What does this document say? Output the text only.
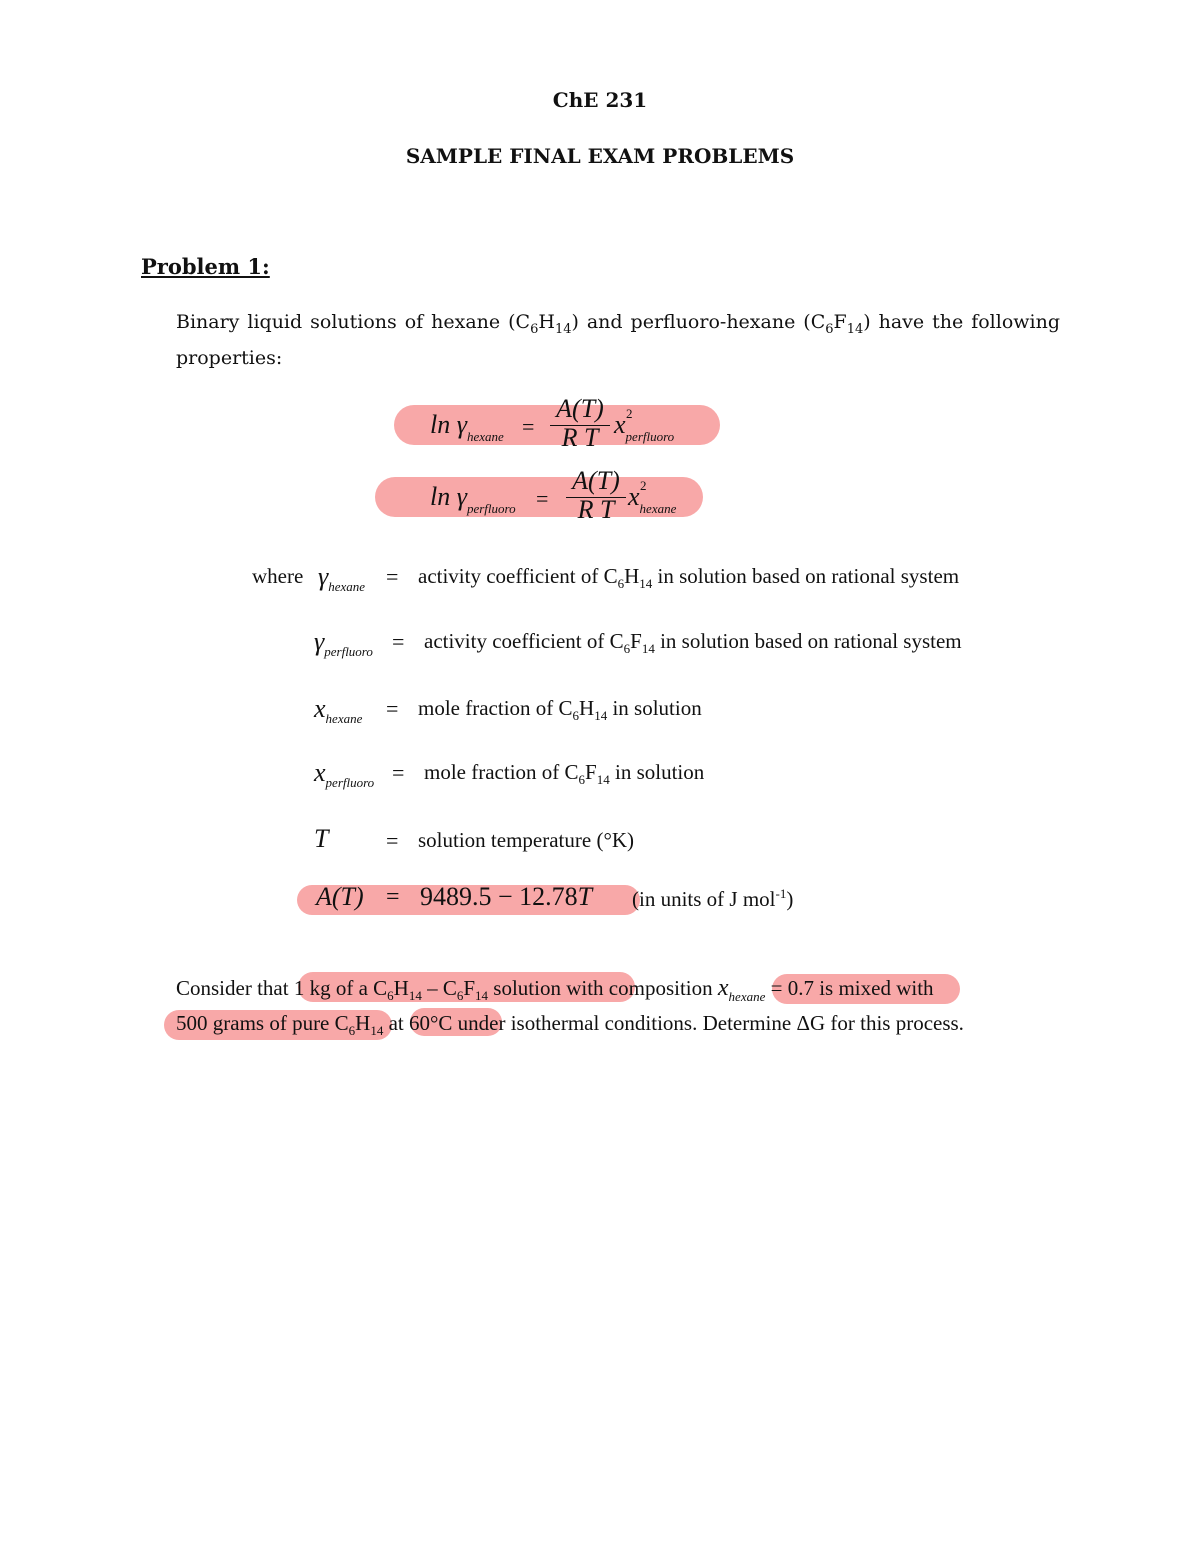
ChE 231
SAMPLE FINAL EXAM PROBLEMS
Problem 1:
Binary liquid solutions of hexane $(C_6H_{14})$ and perfluoro-hexane $(C_6F_{14})$ have the following properties:
$\ln \gamma_{hexane}$ =
A(T)
R T x 2
$_{perfluoro}$
$\ln \gamma_{perfluoro}$ =
A(T)
R T x 2
$_{hexane}$
where $\gamma_{hexane}$ = activity coefficient of $C_6H_{14}$ in solution based on rational system
$\gamma_{perfluoro}$ = activity coefficient of $C_6F_{14}$ in solution based on rational system
$x_{hexane}$ = mole fraction of $C_6H_{14}$ in solution
$x_{perfluoro}$ = mole fraction of $C_6F_{14}$ in solution
T	= solution temperature (°K)
A(T) = 9489.5 − 12.78T (in units of J mol$^{-1}$)
Consider that 1 kg of a $C_6H_{14} - C_6F_{14}$ solution with composition $x_{hexane} = 0.7$ is mixed with
500 grams of pure $C_6H_{14}$ at 60°C under isothermal conditions. Determine ΔG for this process.
